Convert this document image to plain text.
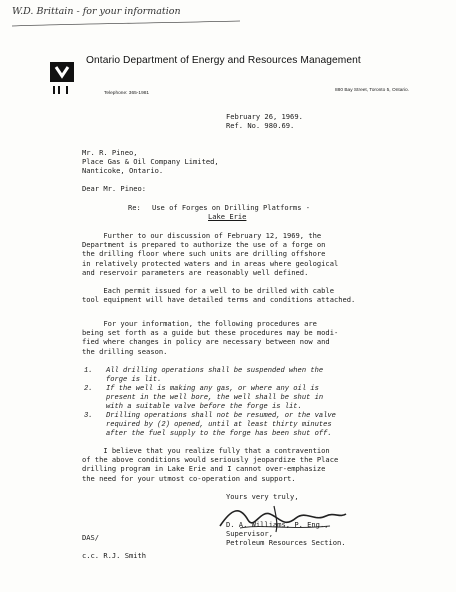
W.D. Brittain - for your information
Ontario Department of Energy and Resources Management
Telephone: 365-1981
880 Bay Street, Toronto 5, Ontario.
February 26, 1969.
Ref. No. 980.69.
Mr. R. Pineo,
Place Gas & Oil Company Limited,
Nanticoke, Ontario.
Dear Mr. Pineo:
Re: Use of Forges on Drilling Platforms -
Lake Erie
Further to our discussion of February 12, 1969, the
Department is prepared to authorize the use of a forge on
the drilling floor where such units are drilling offshore
in relatively protected waters and in areas where geological
and reservoir parameters are reasonably well defined.
Each permit issued for a well to be drilled with cable
tool equipment will have detailed terms and conditions attached.
For your information, the following procedures are
being set forth as a guide but these procedures may be modi-
fied where changes in policy are necessary between now and
the drilling season.
1. All drilling operations shall be suspended when the
forge is lit.
2. If the well is making any gas, or where any oil is
present in the well bore, the well shall be shut in
with a suitable valve before the forge is lit.
3. Drilling operations shall not be resumed, or the valve
required by (2) opened, until at least thirty minutes
after the fuel supply to the forge has been shut off.
I believe that you realize fully that a contravention
of the above conditions would seriously jeopardize the Place
drilling program in Lake Erie and I cannot over-emphasize
the need for your utmost co-operation and support.
Yours very truly,
D. A. Williams, P. Eng.,
Supervisor,
Petroleum Resources Section.
DAS/
c.c. R.J. Smith
